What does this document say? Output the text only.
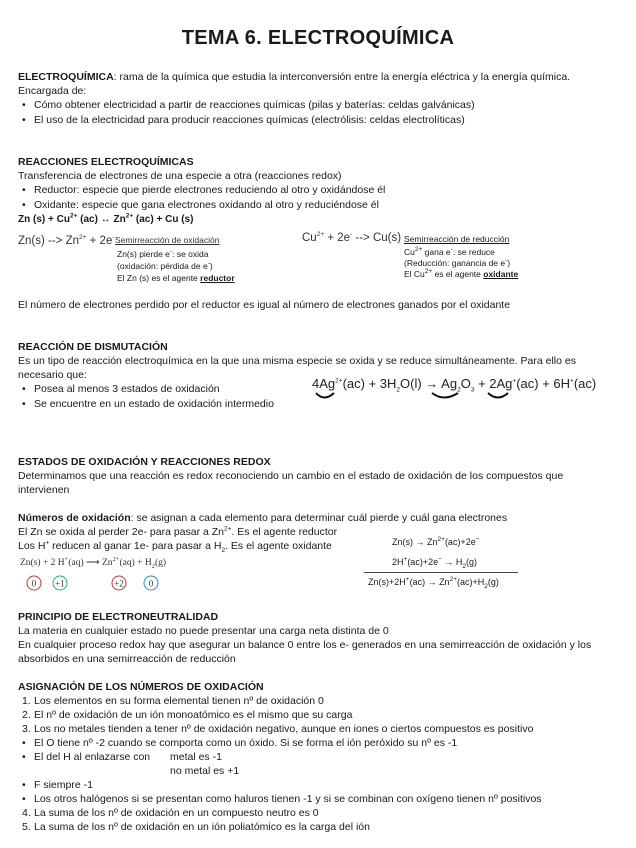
TEMA 6. ELECTROQUÍMICA
ELECTROQUÍMICA: rama de la química que estudia la interconversión entre la energía eléctrica y la energía química.
Encargada de:
• Cómo obtener electricidad a partir de reacciones químicas (pilas y baterías: celdas galvánicas)
• El uso de la electricidad para producir reacciones químicas (electrólisis: celdas electrolíticas)
REACCIONES ELECTROQUÍMICAS
Transferencia de electrones de una especie a otra (reacciones redox)
• Reductor: especie que pierde electrones reduciendo al otro y oxidándose él
• Oxidante: especie que gana electrones oxidando al otro y reduciéndose él
Zn $(s) + Cu^{2+}$ (ac) ↔ $Zn^{2+}$ (ac) + Cu (s)
Zn(s) --> $Zn^{2+} + 2e^-$ Semirreacción de oxidación
Zn(s) pierde e-: se oxida
(oxidación: pérdida de e-)
El Zn (s) es el agente reductor
$Cu^{2+} + 2e^-$ --> Cu(s) Semirreacción de reducción
$Cu^{2+}$ gana e-: se reduce
(Reducción: ganancia de e-)
El $Cu^{2+}$ es el agente oxidante
El número de electrones perdido por el reductor es igual al número de electrones ganados por el oxidante
REACCIÓN DE DISMUTACIÓN
Es un tipo de reacción electroquímica en la que una misma especie se oxida y se reduce simultáneamente. Para ello es
necesario que:
• Posea al menos 3 estados de oxidación
• Se encuentre en un estado de oxidación intermedio
$4Ag^{2+}(ac) + 3H_2O(l) \to Ag_2O_3 + 2Ag^+(ac) + 6H^+(ac)$
ESTADOS DE OXIDACIÓN Y REACCIONES REDOX
Determinamos que una reacción es redox reconociendo un cambio en el estado de oxidación de los compuestos que
intervienen
Números de oxidación: se asignan a cada elemento para determinar cuál pierde y cuál gana electrones
El Zn se oxida al perder 2e- para pasar a $Zn^{2+}$. Es el agente reductor
Los H+ reducen al ganar 1e- para pasar a $H_2$. Es el agente oxidante
Zn(s) + 2 H+(aq) ⟶ $Zn^{2+}(aq) + H_2(g)$
0 +1	+2	0
$Zn(s) \to Zn^{2+}(ac)+2e^-$
$2H^+(ac)+2e^- \to H_2(g)$
$Zn(s)+2H^+(ac) \to Zn^{2+}(ac)+H_2(g)$
PRINCIPIO DE ELECTRONEUTRALIDAD
La materia en cualquier estado no puede presentar una carga neta distinta de 0
En cualquier proceso redox hay que asegurar un balance 0 entre los e- generados en una semirreacción de oxidación y los
absorbidos en una semirreacción de reducción
ASIGNACIÓN DE LOS NÚMEROS DE OXIDACIÓN
1. Los elementos en su forma elemental tienen nº de oxidación 0
2. El nº de oxidación de un ión monoatómico es el mismo que su carga
3. Los no metales tienden a tener nº de oxidación negativo, aunque en iones o ciertos compuestos es positivo
• El O tiene nº -2 cuando se comporta como un óxido. Si se forma el ión peróxido su nº es -1
• El del H al enlazarse con metal es -1
no metal es +1
• F siempre -1
• Los otros halógenos si se presentan como haluros tienen -1 y si se combinan con oxígeno tienen nº positivos
4. La suma de los nº de oxidación en un compuesto neutro es 0
5. La suma de los nº de oxidación en un ión poliatómico es la carga del ión
